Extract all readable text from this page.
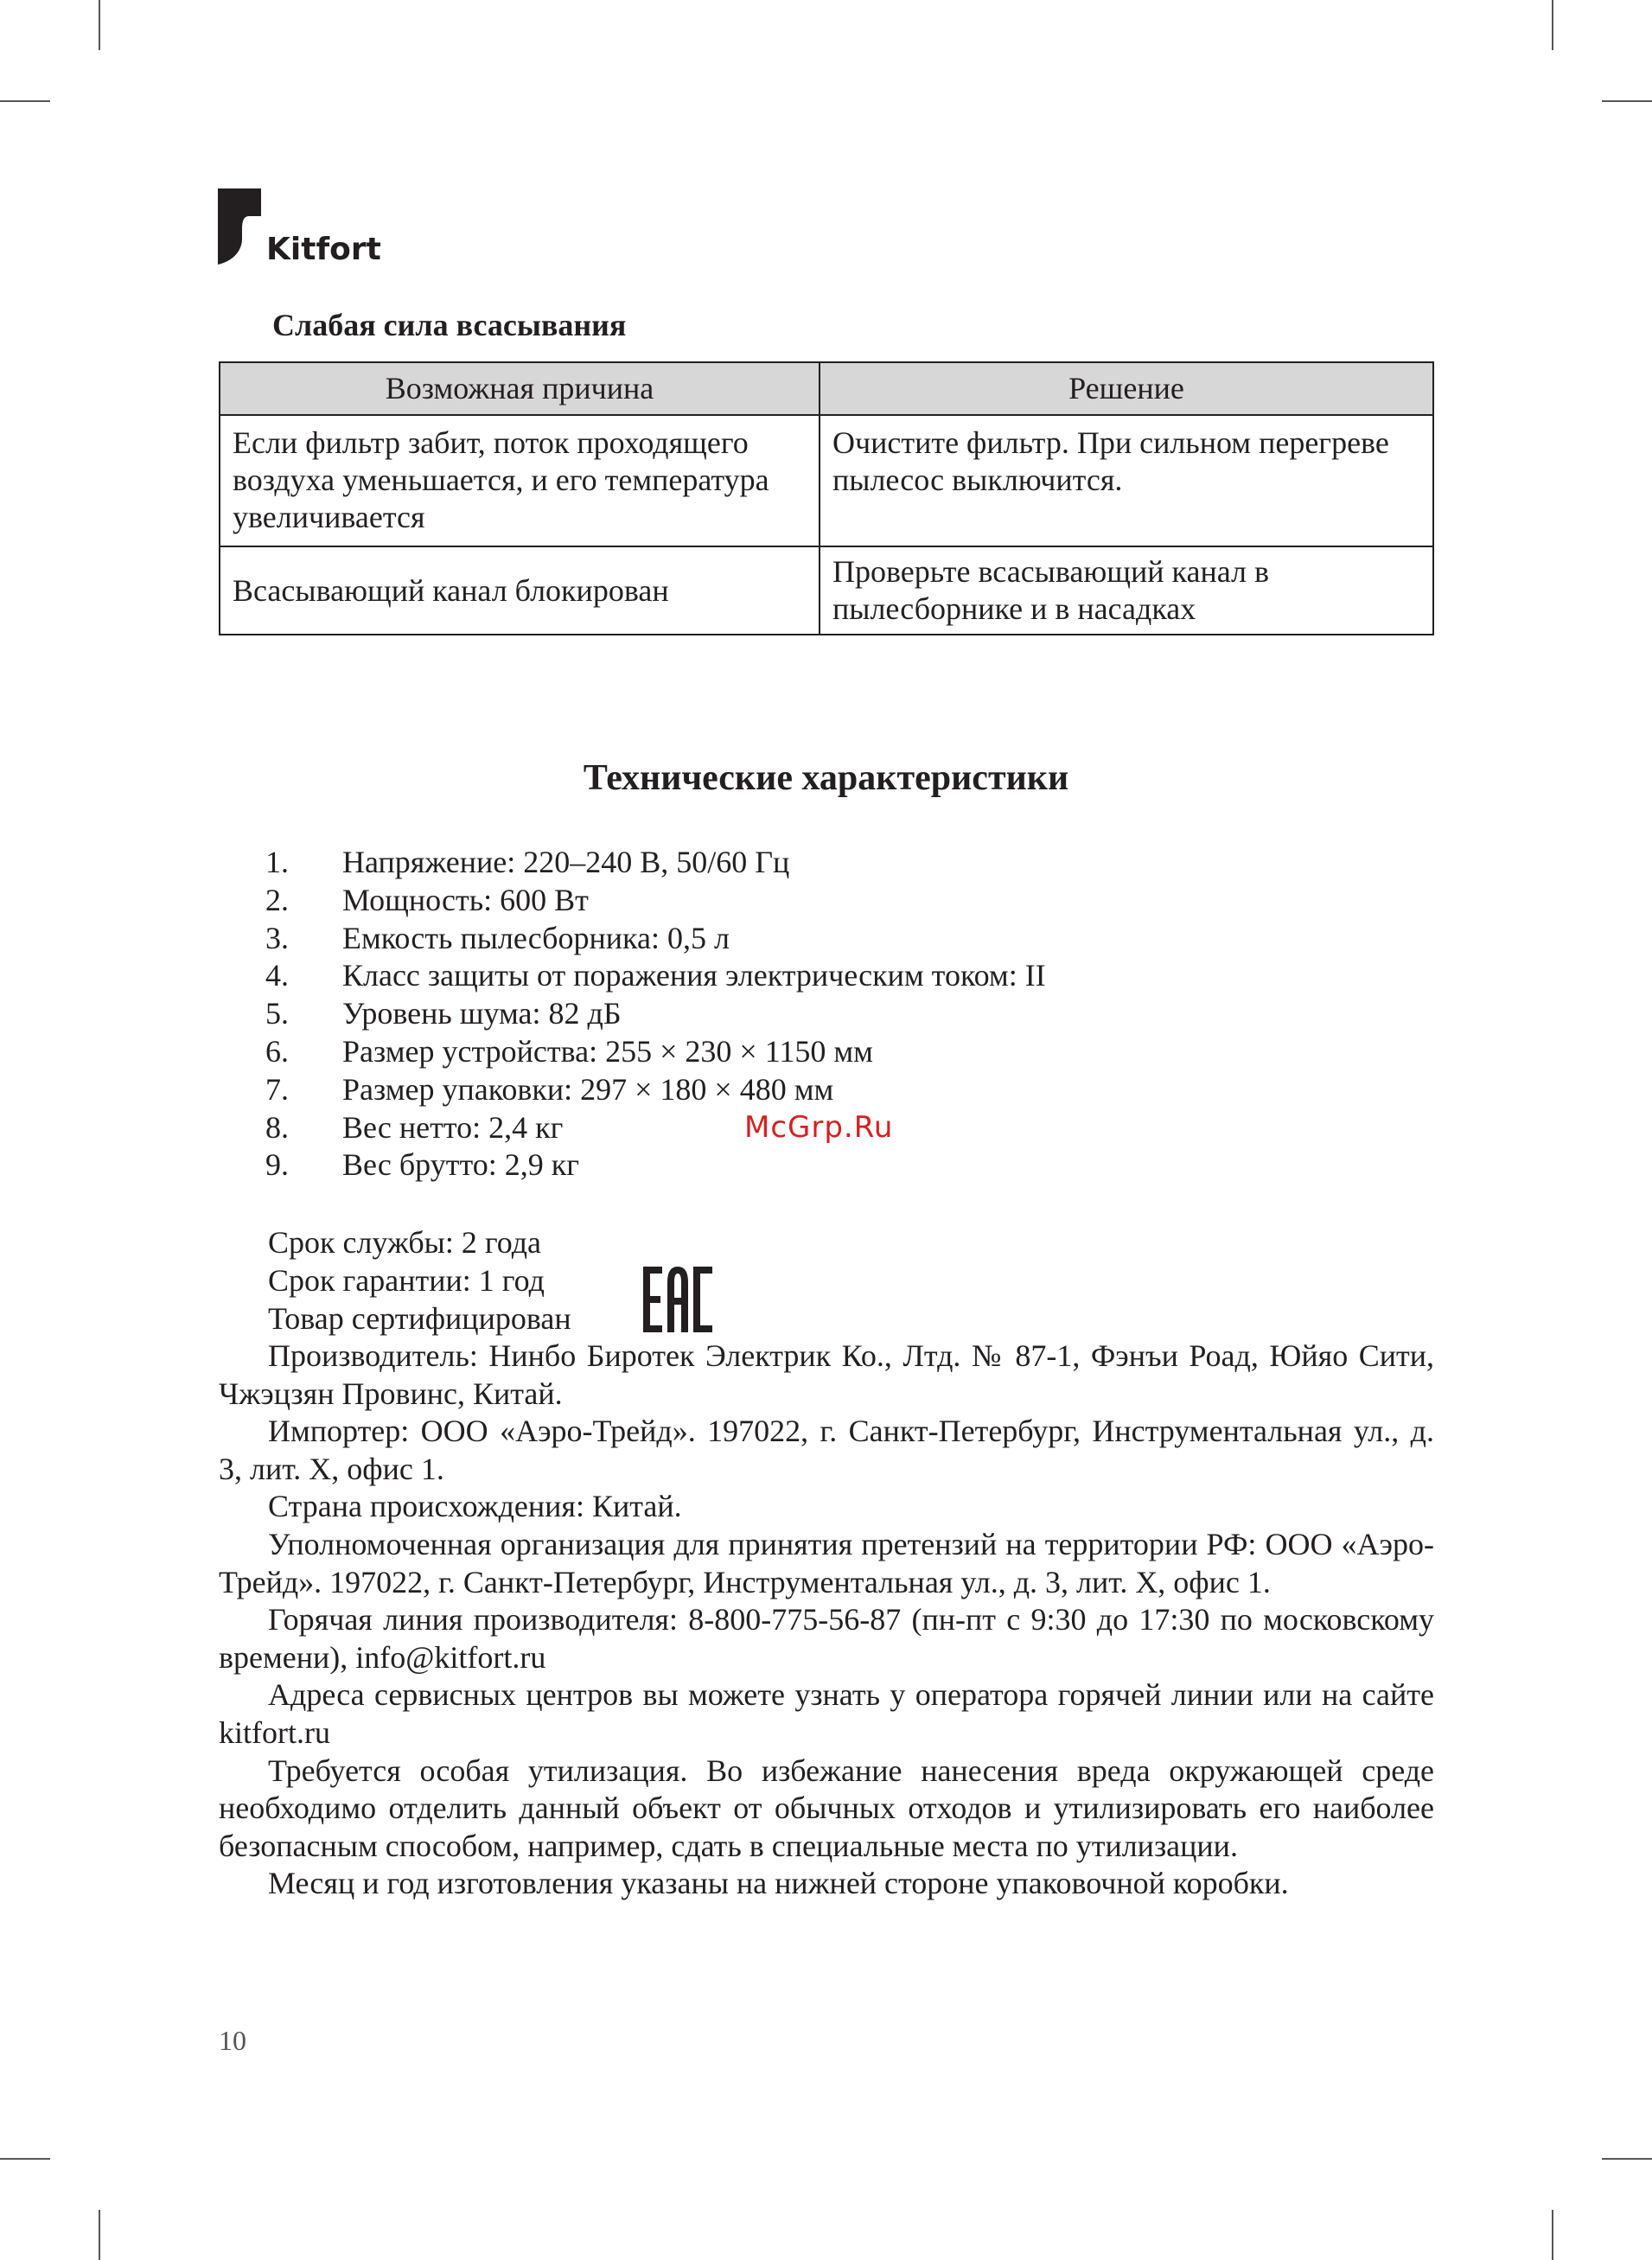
Kitfort
Слабая сила всасывания
Возможная причина	Решение
Если фильтр забит, поток проходящего воздуха уменьшается, и его температура увеличивается	Очистите фильтр. При сильном перегреве пылесос выключится.
Всасывающий канал блокирован	Проверьте всасывающий канал в пылесборнике и в насадках
Технические характеристики
1. Напряжение: 220–240 В, 50/60 Гц
2. Мощность: 600 Вт
3. Емкость пылесборника: 0,5 л
4. Класс защиты от поражения электрическим током: II
5. Уровень шума: 82 дБ
6. Размер устройства: 255 × 230 × 1150 мм
7. Размер упаковки: 297 × 180 × 480 мм
8. Вес нетто: 2,4 кг
9. Вес брутто: 2,9 кг
McGrp.Ru
Срок службы: 2 года
Срок гарантии: 1 год
Товар сертифицирован

Производитель: Нинбо Биротек Электрик Ко., Лтд. № 87-1, Фэнъи Роад, Юйяо Сити, Чжэцзян Провинс, Китай.

Импортер: ООО «Аэро-Трейд». 197022, г. Санкт-Петербург, Инструментальная ул., д. 3, лит. Х, офис 1.

Страна происхождения: Китай.

Уполномоченная организация для принятия претензий на территории РФ: ООО «Аэро-Трейд». 197022, г. Санкт-Петербург, Инструментальная ул., д. 3, лит. Х, офис 1.

Горячая линия производителя: 8-800-775-56-87 (пн-пт с 9:30 до 17:30 по московскому времени), info@kitfort.ru

Адреса сервисных центров вы можете узнать у оператора горячей линии или на сайте kitfort.ru

Требуется особая утилизация. Во избежание нанесения вреда окружающей среде необходимо отделить данный объект от обычных отходов и утилизировать его наиболее безопасным способом, например, сдать в специальные места по утилизации.

Месяц и год изготовления указаны на нижней стороне упаковочной коробки.

10
